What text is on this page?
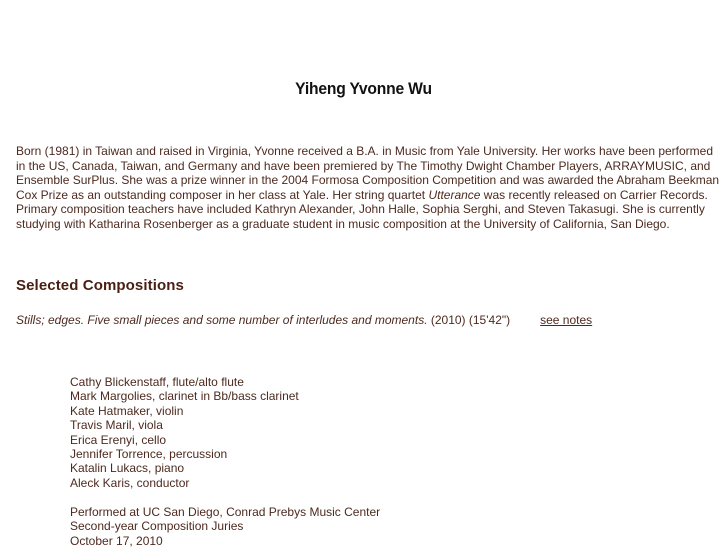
Yiheng Yvonne Wu

Born (1981) in Taiwan and raised in Virginia, Yvonne received a B.A. in Music from Yale University. Her works have been performed in the US, Canada, Taiwan, and Germany and have been premiered by The Timothy Dwight Chamber Players, ARRAYMUSIC, and Ensemble SurPlus. She was a prize winner in the 2004 Formosa Composition Competition and was awarded the Abraham Beekman Cox Prize as an outstanding composer in her class at Yale. Her string quartet Utterance was recently released on Carrier Records. Primary composition teachers have included Kathryn Alexander, John Halle, Sophia Serghi, and Steven Takasugi. She is currently studying with Katharina Rosenberger as a graduate student in music composition at the University of California, San Diego.

Selected Compositions
Stills; edges. Five small pieces and some number of interludes and moments. (2010) (15'42")	see notes
Cathy Blickenstaff, flute/alto flute
Mark Margolies, clarinet in Bb/bass clarinet
Kate Hatmaker, violin
Travis Maril, viola
Erica Erenyi, cello
Jennifer Torrence, percussion
Katalin Lukacs, piano
Aleck Karis, conductor
Performed at UC San Diego, Conrad Prebys Music Center
Second-year Composition Juries
October 17, 2010
